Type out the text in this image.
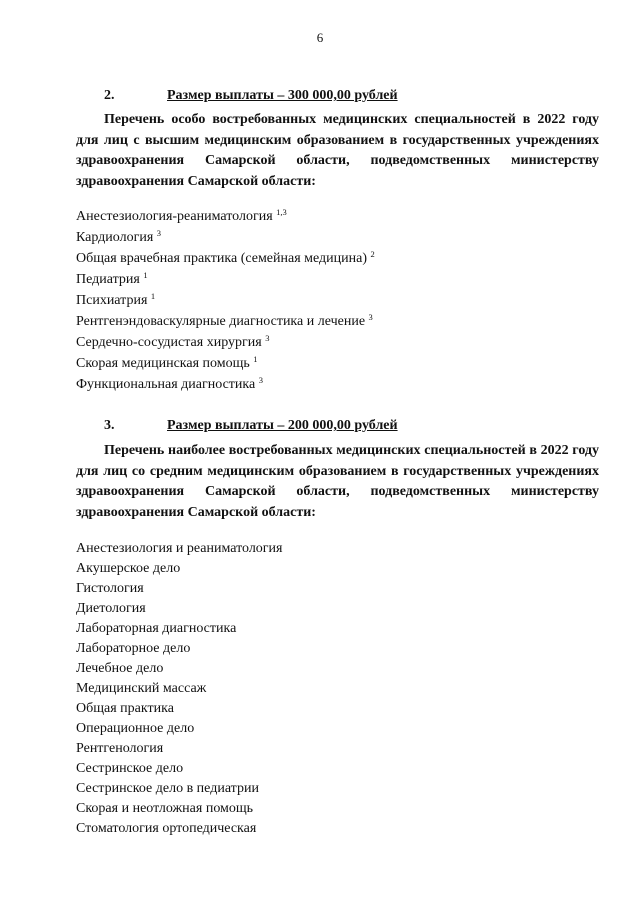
6
2.	Размер выплаты – 300 000,00 рублей

Перечень особо востребованных медицинских специальностей в 2022 году для лиц с высшим медицинским образованием в государственных учреждениях здравоохранения Самарской области, подведомственных министерству здравоохранения Самарской области:

Анестезиология-реаниматология $^{1,3}$
Кардиология $^3$
Общая врачебная практика (семейная медицина) $^2$
Педиатрия $^1$
Психиатрия $^1$
Рентгенэндоваскулярные диагностика и лечение $^3$
Сердечно-сосудистая хирургия $^3$
Скорая медицинская помощь $^1$
Функциональная диагностика $^3$
3.	Размер выплаты – 200 000,00 рублей

Перечень наиболее востребованных медицинских специальностей в 2022 году для лиц со средним медицинским образованием в государственных учреждениях здравоохранения Самарской области, подведомственных министерству здравоохранения Самарской области:

Анестезиология и реаниматология
Акушерское дело
Гистология
Диетология
Лабораторная диагностика
Лабораторное дело
Лечебное дело
Медицинский массаж
Общая практика
Операционное дело
Рентгенология
Сестринское дело
Сестринское дело в педиатрии
Скорая и неотложная помощь
Стоматология ортопедическая
